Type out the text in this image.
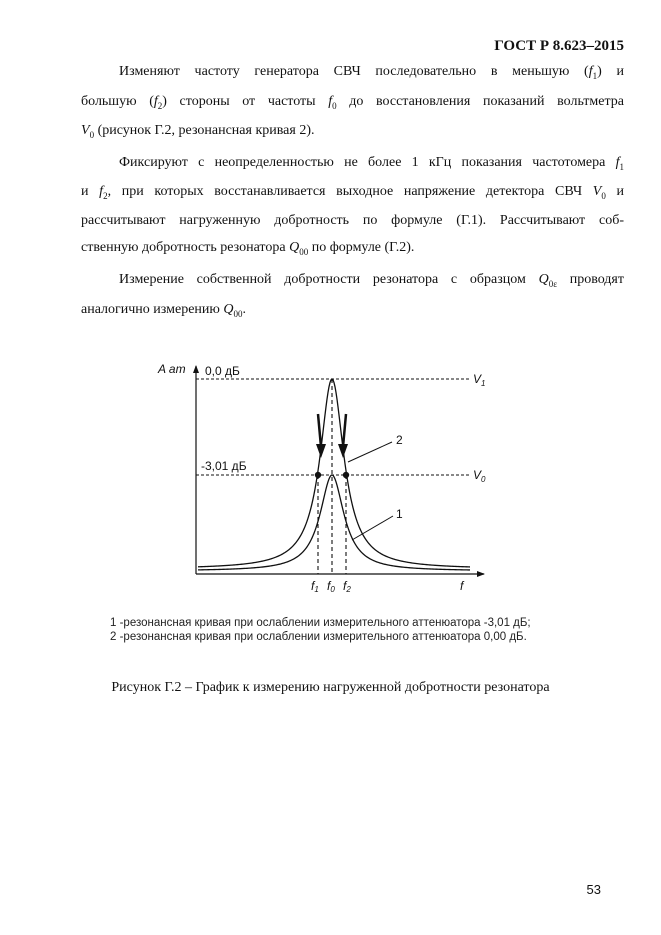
ГОСТ Р 8.623–2015
Изменяют частоту генератора СВЧ последовательно в меньшую $(f_1)$ и
большую $(f_2)$ стороны от частоты $f_0$ до восстановления показаний вольтметра
$V_0$ (рисунок Г.2, резонансная кривая 2).
Фиксируют с неопределенностью не более 1 кГц показания частотомера $f_1$
и $f_2$, при которых восстанавливается выходное напряжение детектора СВЧ $V_0$ и
рассчитывают нагруженную добротность по формуле (Г.1). Рассчитывают соб-
ственную добротность резонатора $Q_{00}$ по формуле (Г.2).
Измерение собственной добротности резонатора с образцом $Q_{0\varepsilon}$ проводят
аналогично измерению $Q_{00}$.
A ат 0,0 дБ
-3,01 дБ
$V_1$
$V_0$
2
1
f1 f0 f2	f
1 -резонансная кривая при ослаблении измерительного аттенюатора -3,01 дБ;
2 -резонансная кривая при ослаблении измерительного аттенюатора 0,00 дБ.
Рисунок Г.2 – График к измерению нагруженной добротности резонатора
53
